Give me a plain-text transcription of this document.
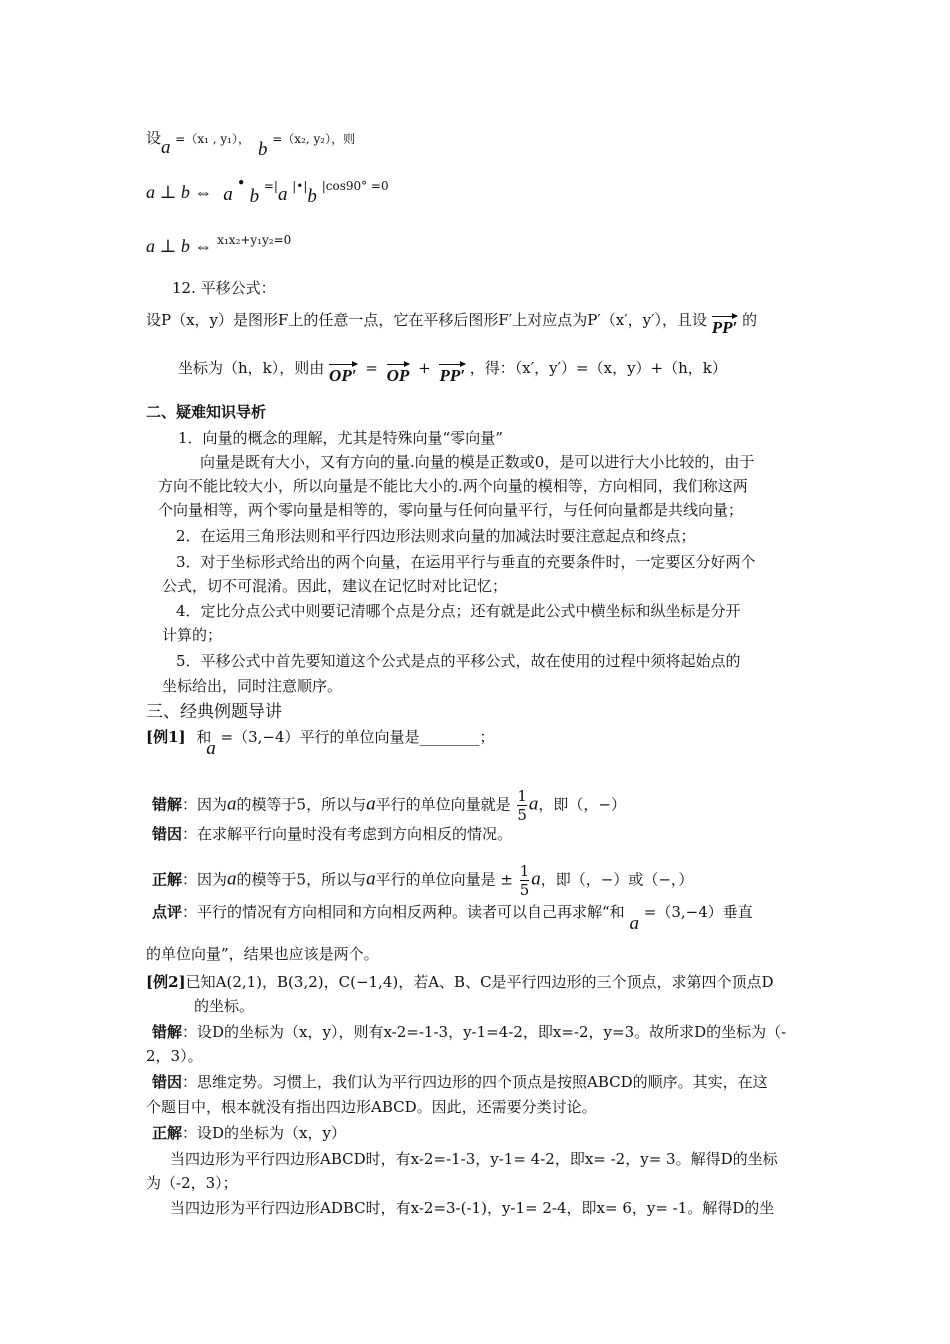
设a =（x₁ , y₁）， b =（x₂, y₂），则
a ⊥ b ⇔ a•b =|a |•|b $^{|cos90^\circ =0}$
a ⊥ b ⇔ $^{x_1x_2+y_1y_2=0}$
12. 平移公式：
设P（x，y）是图形F上的任意一点，它在平移后图形F′上对应点为P′（x′，y′），且设 PP′ 的
坐标为（h，k），则由 OP′ = OP + PP′ ，得：（x′，y′）=（x，y）+（h，k）
二、疑难知识导析
1．向量的概念的理解，尤其是特殊向量“零向量”
向量是既有大小，又有方向的量.向量的模是正数或0，是可以进行大小比较的，由于
方向不能比较大小，所以向量是不能比大小的.两个向量的模相等，方向相同，我们称这两
个向量相等，两个零向量是相等的，零向量与任何向量平行，与任何向量都是共线向量；
2．在运用三角形法则和平行四边形法则求向量的加减法时要注意起点和终点；
3．对于坐标形式给出的两个向量，在运用平行与垂直的充要条件时，一定要区分好两个
公式，切不可混淆。因此，建议在记忆时对比记忆；
4．定比分点公式中则要记清哪个点是分点；还有就是此公式中横坐标和纵坐标是分开
计算的；
5．平移公式中首先要知道这个公式是点的平移公式，故在使用的过程中须将起始点的
坐标给出，同时注意顺序。
三、经典例题导讲
[例1] 和 a =（3,−4）平行的单位向量是________；
错解：因为a的模等于5，所以与a平行的单位向量就是 $\frac{1}{5}$ a，即（，−）
错因：在求解平行向量时没有考虑到方向相反的情况。
正解：因为a的模等于5，所以与a平行的单位向量是 ± $\frac{1}{5}$ a，即（，−）或（−，）
点评：平行的情况有方向相同和方向相反两种。读者可以自己再求解“和 a =（3,−4）垂直
的单位向量”，结果也应该是两个。
[例2]已知A(2,1)，B(3,2)，C(−1,4)，若A、B、C是平行四边形的三个顶点，求第四个顶点D
的坐标。
错解：设D的坐标为（x，y），则有x-2=-1-3，y-1=4-2，即x=-2，y=3。故所求D的坐标为（-
2，3）。
错因：思维定势。习惯上，我们认为平行四边形的四个顶点是按照ABCD的顺序。其实，在这
个题目中，根本就没有指出四边形ABCD。因此，还需要分类讨论。
正解：设D的坐标为（x，y）
当四边形为平行四边形ABCD时，有x-2=-1-3，y-1= 4-2，即x= -2，y= 3。解得D的坐标
为（-2，3）；
当四边形为平行四边形ADBC时，有x-2=3-(-1)，y-1= 2-4，即x= 6，y= -1。解得D的坐
